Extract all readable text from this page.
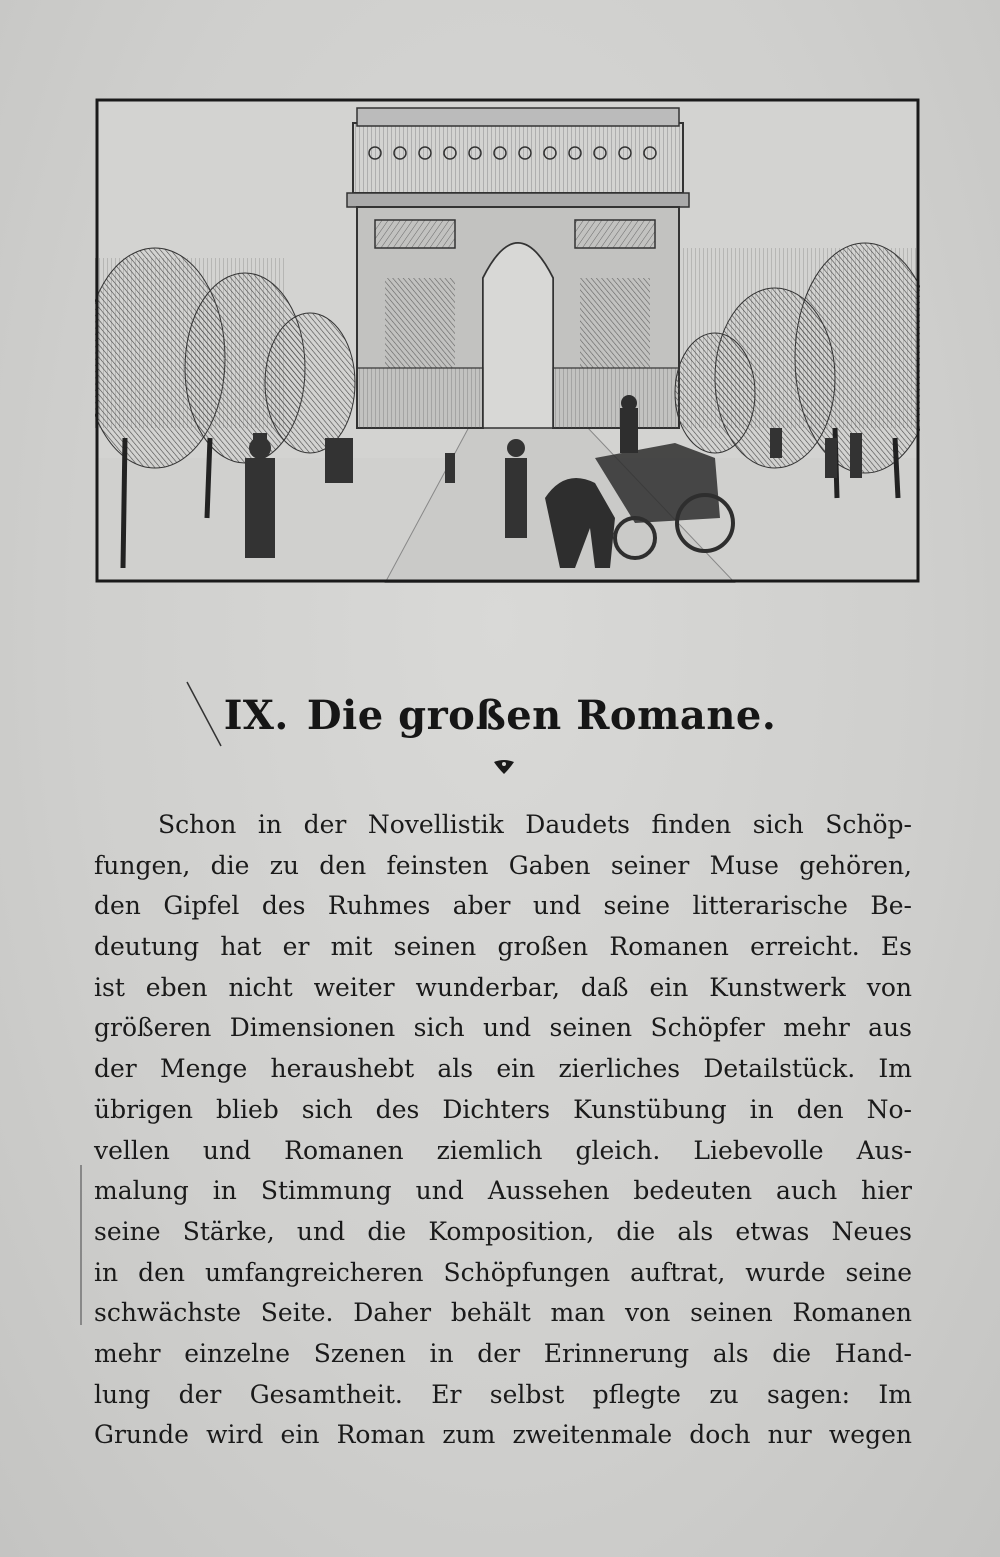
IX. Die großen Romane.
Schon in der Novellistik Daudets finden sich Schöp-
fungen, die zu den feinsten Gaben seiner Muse gehören,
den Gipfel des Ruhmes aber und seine litterarische Be-
deutung hat er mit seinen großen Romanen erreicht. Es
ist eben nicht weiter wunderbar, daß ein Kunstwerk von
größeren Dimensionen sich und seinen Schöpfer mehr aus
der Menge heraushebt als ein zierliches Detailstück. Im
übrigen blieb sich des Dichters Kunstübung in den No-
vellen und Romanen ziemlich gleich. Liebevolle Aus-
malung in Stimmung und Aussehen bedeuten auch hier
seine Stärke, und die Komposition, die als etwas Neues
in den umfangreicheren Schöpfungen auftrat, wurde seine
schwächste Seite. Daher behält man von seinen Romanen
mehr einzelne Szenen in der Erinnerung als die Hand-
lung der Gesamtheit. Er selbst pflegte zu sagen: Im
Grunde wird ein Roman zum zweitenmale doch nur wegen
